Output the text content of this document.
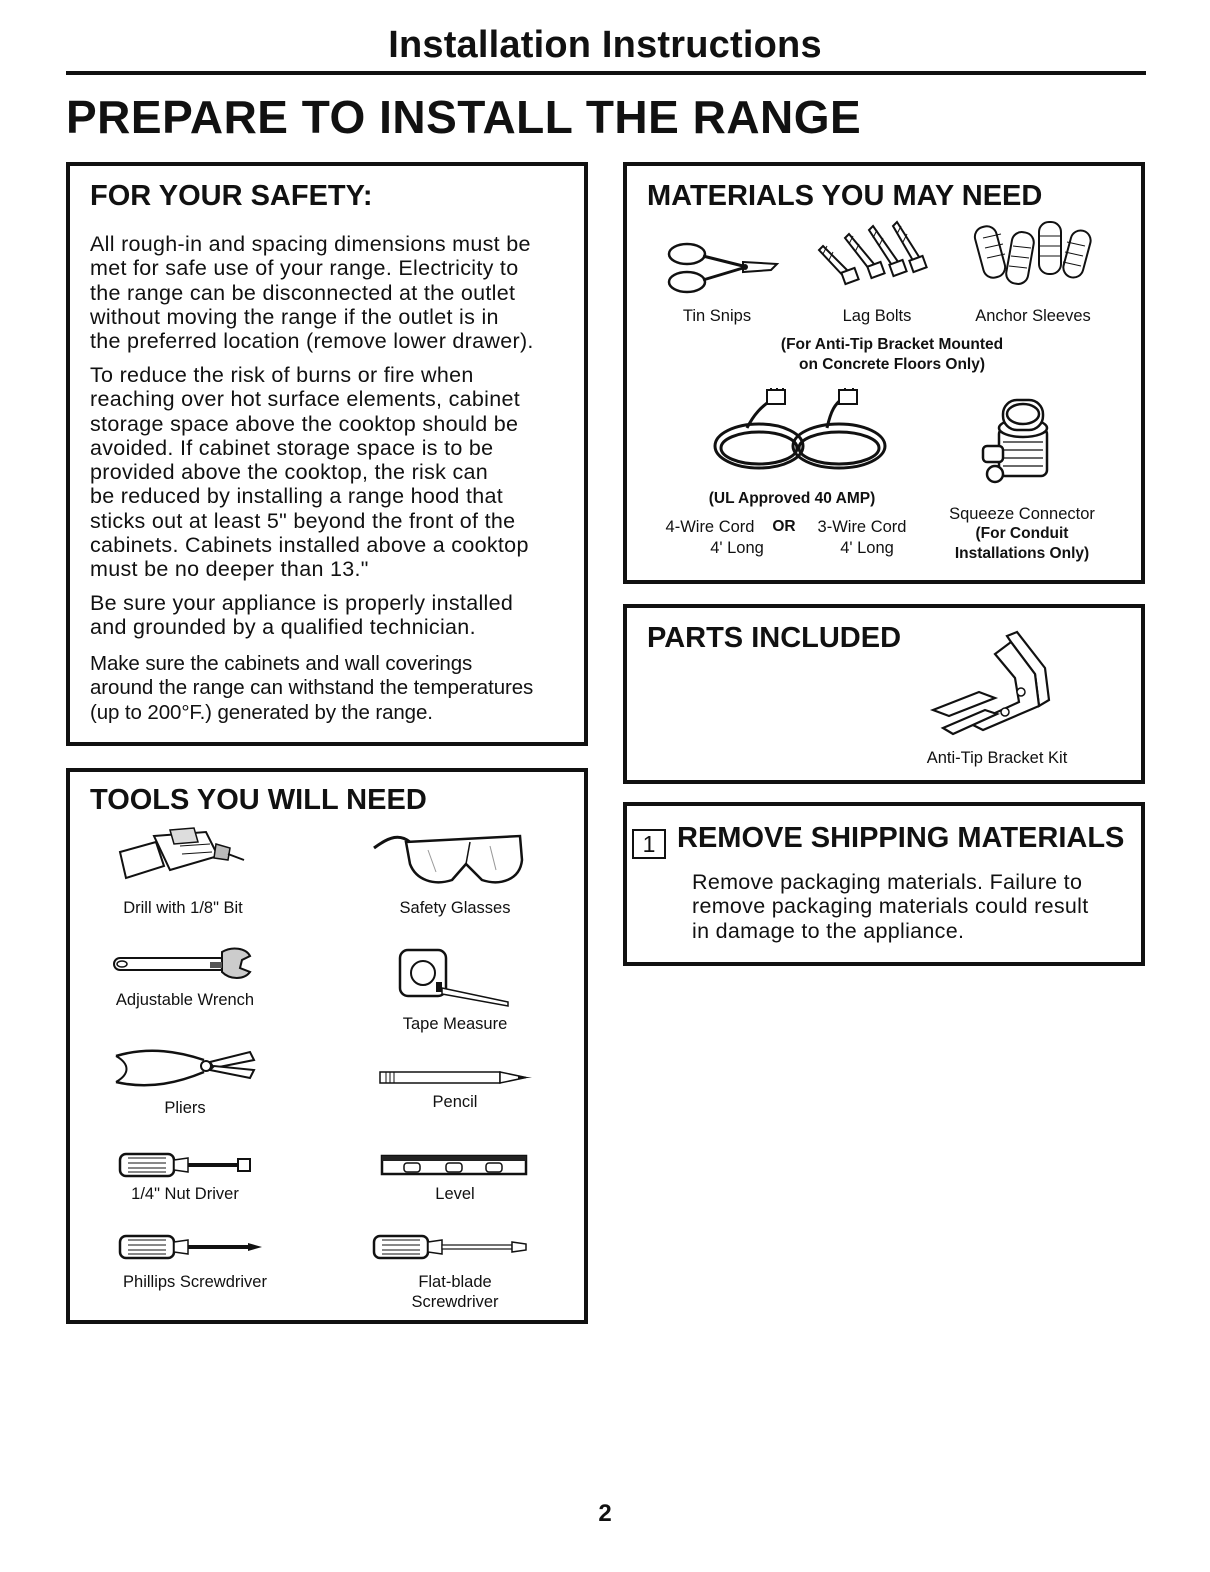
Installation Instructions
PREPARE TO INSTALL THE RANGE
FOR YOUR SAFETY:
All rough-in and spacing dimensions must be
met for safe use of your range. Electricity to
the range can be disconnected at the outlet
without moving the range if the outlet is in
the preferred location (remove lower drawer).
To reduce the risk of burns or fire when
reaching over hot surface elements, cabinet
storage space above the cooktop should be
avoided. If cabinet storage space is to be
provided above the cooktop, the risk can
be reduced by installing a range hood that
sticks out at least 5" beyond the front of the
cabinets. Cabinets installed above a cooktop
must be no deeper than 13."
Be sure your appliance is properly installed
and grounded by a qualified technician.
Make sure the cabinets and wall coverings
around the range can withstand the temperatures
(up to 200°F.) generated by the range.
TOOLS YOU WILL NEED
Drill with 1/8" Bit	Safety Glasses
Adjustable Wrench
Tape Measure
Pliers	Pencil
1/4" Nut Driver	Level
Phillips Screwdriver	Flat-blade
Screwdriver
MATERIALS YOU MAY NEED
Tin Snips	Lag Bolts	Anchor Sleeves
(For Anti-Tip Bracket Mounted
on Concrete Floors Only)
(UL Approved 40 AMP)
4-Wire Cord	OR	3-Wire Cord
4' Long	4' Long
Squeeze Connector
(For Conduit
Installations Only)
PARTS INCLUDED
Anti-Tip Bracket Kit
1 REMOVE SHIPPING MATERIALS
Remove packaging materials. Failure to
remove packaging materials could result
in damage to the appliance.
2
